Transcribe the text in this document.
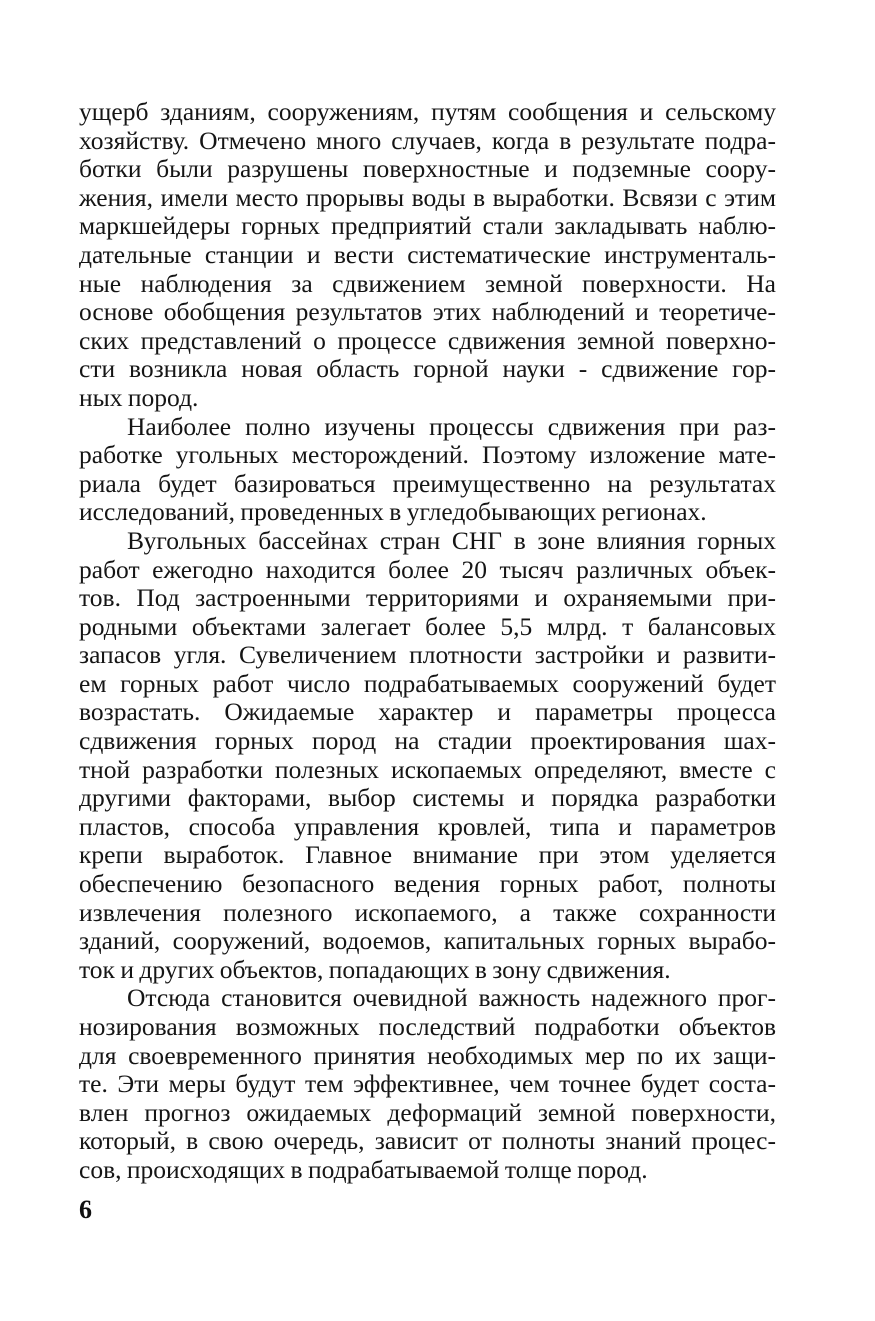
ущерб зданиям, сооружениям, путям сообщения и сельскому
хозяйству. Отмечено много случаев, когда в результате подра-
ботки были разрушены поверхностные и подземные соору-
жения, имели место прорывы воды в выработки. Всвязи с этим
маркшейдеры горных предприятий стали закладывать наблю-
дательные станции и вести систематические инструменталь-
ные наблюдения за сдвижением земной поверхности. На
основе обобщения результатов этих наблюдений и теоретиче-
ских представлений о процессе сдвижения земной поверхно-
сти возникла новая область горной науки - сдвижение гор-
ных пород.
Наиболее полно изучены процессы сдвижения при раз-
работке угольных месторождений. Поэтому изложение мате-
риала будет базироваться преимущественно на результатах
исследований, проведенных в угледобывающих регионах.
Вугольных бассейнах стран СНГ в зоне влияния горных
работ ежегодно находится более 20 тысяч различных объек-
тов. Под застроенными территориями и охраняемыми при-
родными объектами залегает более 5,5 млрд. т балансовых
запасов угля. Сувеличением плотности застройки и развити-
ем горных работ число подрабатываемых сооружений будет
возрастать. Ожидаемые характер и параметры процесса
сдвижения горных пород на стадии проектирования шах-
тной разработки полезных ископаемых определяют, вместе с
другими факторами, выбор системы и порядка разработки
пластов, способа управления кровлей, типа и параметров
крепи выработок. Главное внимание при этом уделяется
обеспечению безопасного ведения горных работ, полноты
извлечения полезного ископаемого, а также сохранности
зданий, сооружений, водоемов, капитальных горных вырабо-
ток и других объектов, попадающих в зону сдвижения.
Отсюда становится очевидной важность надежного прог-
нозирования возможных последствий подработки объектов
для своевременного принятия необходимых мер по их защи-
те. Эти меры будут тем эффективнее, чем точнее будет соста-
влен прогноз ожидаемых деформаций земной поверхности,
который, в свою очередь, зависит от полноты знаний процес-
сов, происходящих в подрабатываемой толще пород.
6
